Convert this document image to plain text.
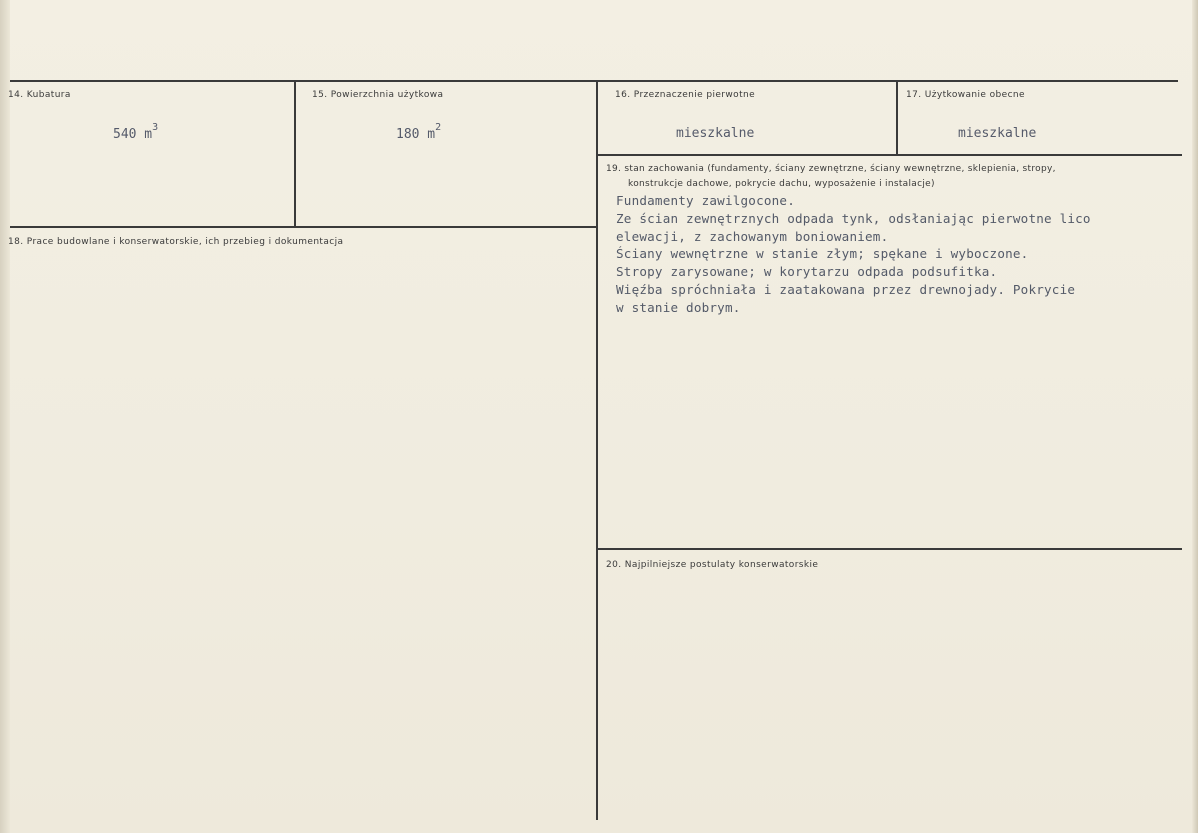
14. Kubatura
540 $m^3$
15. Powierzchnia użytkowa
180 $m^2$
16. Przeznaczenie pierwotne
mieszkalne
17. Użytkowanie obecne
mieszkalne
18. Prace budowlane i konserwatorskie, ich przebieg i dokumentacja
19. stan zachowania (fundamenty, ściany zewnętrzne, ściany wewnętrzne, sklepienia, stropy,
konstrukcje dachowe, pokrycie dachu, wyposażenie i instalacje)
Fundamenty zawilgocone.
Ze ścian zewnętrznych odpada tynk, odsłaniając pierwotne lico
elewacji, z zachowanym boniowaniem.
Ściany wewnętrzne w stanie złym; spękane i wyboczone.
Stropy zarysowane; w korytarzu odpada podsufitka.
Więźba spróchniała i zaatakowana przez drewnojady. Pokrycie
w stanie dobrym.
20. Najpilniejsze postulaty konserwatorskie
